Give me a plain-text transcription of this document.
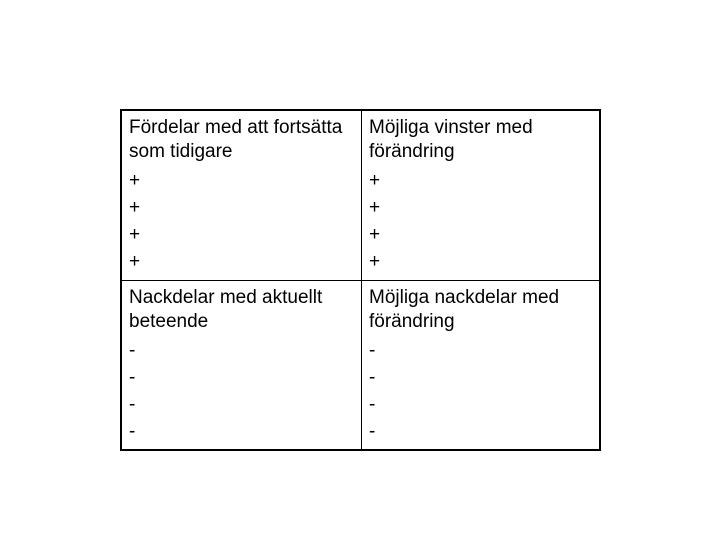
Fördelar med att fortsätta
som tidigare
+
+
+
+
Möjliga vinster med
förändring
+
+
+
+
Nackdelar med aktuellt
beteende
-
-
-
-
Möjliga nackdelar med
förändring
-
-
-
-
